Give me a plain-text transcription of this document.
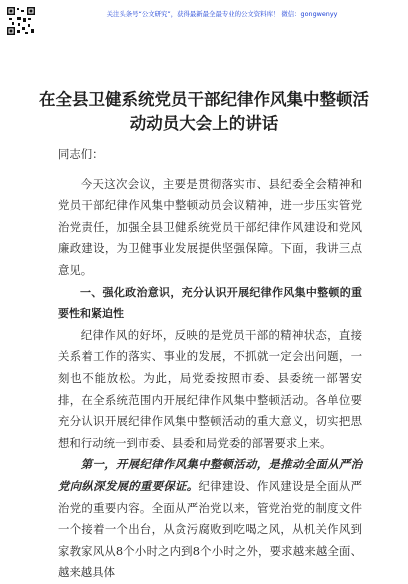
关注头条号“公文研究”，获得最新最全最专业的公文资料库！ 微信：gongwenyy
在全县卫健系统党员干部纪律作风集中整顿活
动动员大会上的讲话

同志们：

今天这次会议，主要是贯彻落实市、县纪委全会精神和党员干部纪律作风集中整顿动员会议精神，进一步压实管党治党责任，加强全县卫健系统党员干部纪律作风建设和党风廉政建设，为卫健事业发展提供坚强保障。下面，我讲三点意见。

一、强化政治意识，充分认识开展纪律作风集中整顿的重要性和紧迫性

纪律作风的好坏，反映的是党员干部的精神状态，直接关系着工作的落实、事业的发展，不抓就一定会出问题，一刻也不能放松。为此，局党委按照市委、县委统一部署安排，在全系统范围内开展纪律作风集中整顿活动。各单位要充分认识开展纪律作风集中整顿活动的重大意义，切实把思想和行动统一到市委、县委和局党委的部署要求上来。

第一，开展纪律作风集中整顿活动，是推动全面从严治党向纵深发展的重要保证。纪律建设、作风建设是全面从严治党的重要内容。全面从严治党以来，管党治党的制度文件一个接着一个出台，从贪污腐败到吃喝之风，从机关作风到家教家风从8个小时之内到8个小时之外，要求越来越全面、越来越具体
